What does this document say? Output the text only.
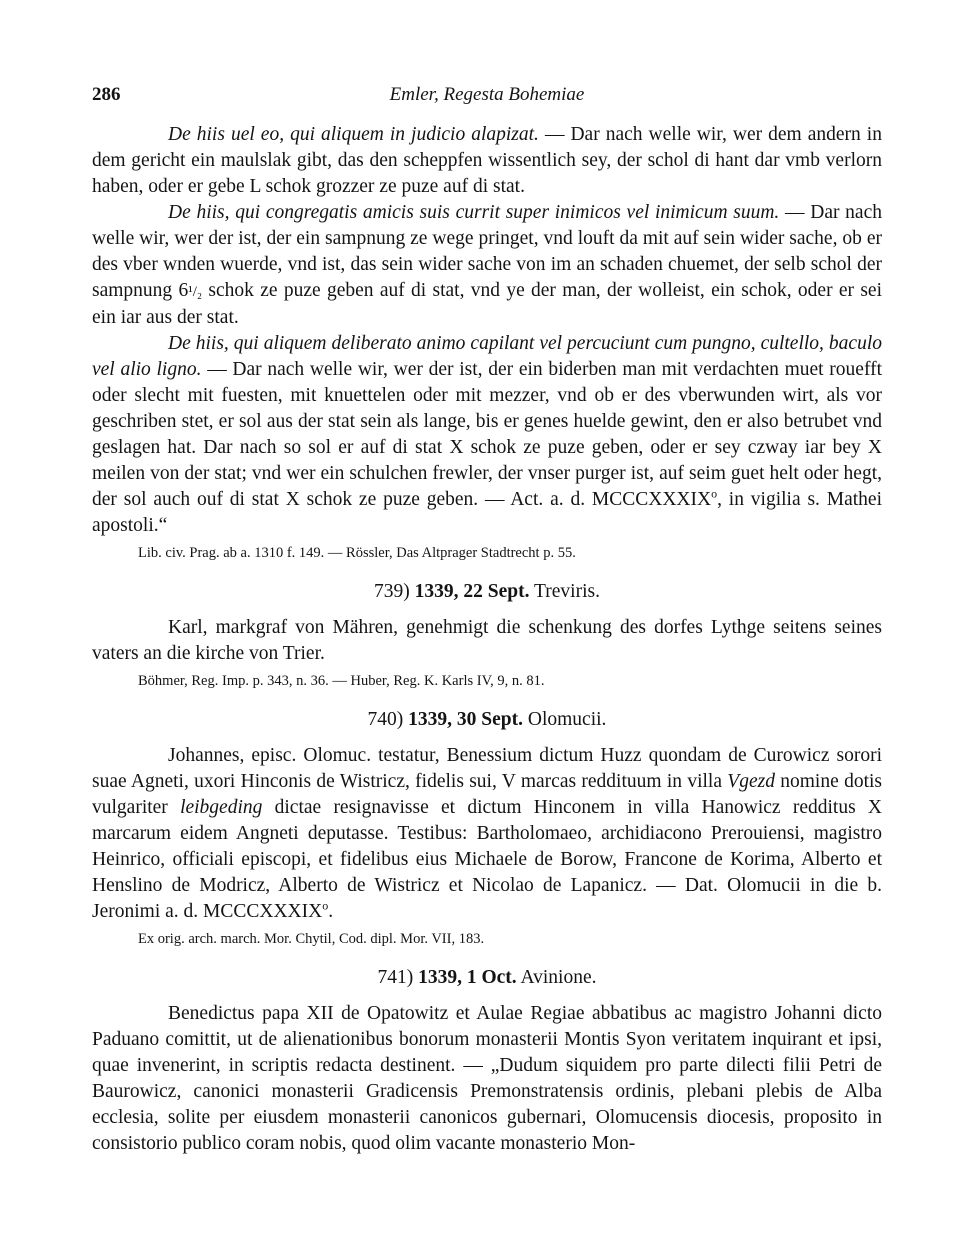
286	Emler, Regesta Bohemiae

De hiis uel eo, qui aliquem in judicio alapizat. — Dar nach welle wir, wer dem andern in dem gericht ein maulslak gibt, das den scheppfen wissentlich sey, der schol di hant dar vmb verlorn haben, oder er gebe L schok grozzer ze puze auf di stat.

De hiis, qui congregatis amicis suis currit super inimicos vel inimicum suum. — Dar nach welle wir, wer der ist, der ein sampnung ze wege pringet, vnd louft da mit auf sein wider sache, ob er des vber wnden wuerde, vnd ist, das sein wider sache von im an schaden chuemet, der selb schol der sampnung 6¹/₂ schok ze puze geben auf di stat, vnd ye der man, der wolleist, ein schok, oder er sei ein iar aus der stat.

De hiis, qui aliquem deliberato animo capilant vel percuciunt cum pungno, cultello, baculo vel alio ligno. — Dar nach welle wir, wer der ist, der ein biderben man mit verdachten muet rouefft oder slecht mit fuesten, mit knuettelen oder mit mezzer, vnd ob er des vberwunden wirt, als vor geschriben stet, er sol aus der stat sein als lange, bis er genes huelde gewint, den er also betrubet vnd geslagen hat. Dar nach so sol er auf di stat X schok ze puze geben, oder er sey czway iar bey X meilen von der stat; vnd wer ein schulchen frewler, der vnser purger ist, auf seim guet helt oder hegt, der sol auch ouf di stat X schok ze puze geben. — Act. a. d. MCCCXXXIX$^o$, in vigilia s. Mathei apostoli.“

Lib. civ. Prag. ab a. 1310 f. 149. — Rössler, Das Altprager Stadtrecht p. 55.

739) 1339, 22 Sept. Treviris.

Karl, markgraf von Mähren, genehmigt die schenkung des dorfes Lythge seitens seines vaters an die kirche von Trier.

Böhmer, Reg. Imp. p. 343, n. 36. — Huber, Reg. K. Karls IV, 9, n. 81.

740) 1339, 30 Sept. Olomucii.

Johannes, episc. Olomuc. testatur, Benessium dictum Huzz quondam de Curowicz sorori suae Agneti, uxori Hinconis de Wistricz, fidelis sui, V marcas reddituum in villa Vgezd nomine dotis vulgariter leibgeding dictae resignavisse et dictum Hinconem in villa Hanowicz redditus X marcarum eidem Angneti deputasse. Testibus: Bartholomaeo, archidiacono Prerouiensi, magistro Heinrico, officiali episcopi, et fidelibus eius Michaele de Borow, Francone de Korima, Alberto et Henslino de Modricz, Alberto de Wistricz et Nicolao de Lapanicz. — Dat. Olomucii in die b. Jeronimi a. d. MCCCXXXIX$^o$.

Ex orig. arch. march. Mor. Chytil, Cod. dipl. Mor. VII, 183.

741) 1339, 1 Oct. Avinione.

Benedictus papa XII de Opatowitz et Aulae Regiae abbatibus ac magistro Johanni dicto Paduano comittit, ut de alienationibus bonorum monasterii Montis Syon veritatem inquirant et ipsi, quae invenerint, in scriptis redacta destinent. — „Dudum siquidem pro parte dilecti filii Petri de Baurowicz, canonici monasterii Gradicensis Premonstratensis ordinis, plebani plebis de Alba ecclesia, solite per eiusdem monasterii canonicos gubernari, Olomucensis diocesis, proposito in consistorio publico coram nobis, quod olim vacante monasterio Mon-
